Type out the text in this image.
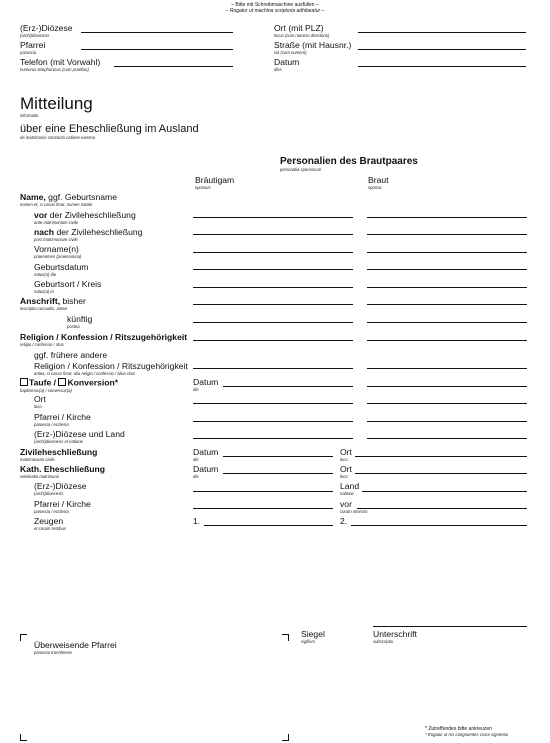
– Bitte mit Schreibmaschine ausfüllen –
– Rogatur ut machina scriptoria adhibeatur –
(Erz-)Diözese
(archi)dioecesis
Ort (mit PLZ)
locus (cum numero directorio)
Pfarrei
paroecia
Straße (mit Hausnr.)
via (cum numero)
Telefon (mit Vorwahl)
numerus telephonicus (cum praefixo)
Datum
dies
Mitteilung
informatio
über eine Eheschließung im Ausland
de matrimonio contracto natione externa
Personalien des Brautpaares
personalia sponsorum
Bräutigam
sponsus
Braut
sponsa
Name, ggf. Geburtsname
nomen et, si casus ferat, nomen natale
vor der Zivileheschließung
ante matrimonium civile
nach der Zivileheschließung
post matrimonium civile
Vorname(n)
praenomen (praenomina)
Geburtsdatum
natus(a) die
Geburtsort / Kreis
natus(a) in
Anschrift, bisher
inscriptio cursualis, antea
künftig
postea
Religion / Konfession / Ritszugehörigkeit
religio / confessio / ritus
ggf. frühere andere
Religion / Konfession / Ritszugehörigkeit
antea, si casus ferat, alia religio / confessio / alius ritus
Taufe / Konversion*
baptismus(a) / conversus(a)
Ort
loco
Pfarrei / Kirche
paroecia / ecclesia
(Erz-)Diözese und Land
(archi)dioecesis et natione
Zivileheschließung
matrimonium civile
Kath. Eheschließung
celebratio matrimonii
(Erz-)Diözese
(archi)dioecesis
Pfarrei / Kirche
paroecia / ecclesia
Zeugen
et coram testibus
Datum
die
Datum
die
Ort
loco
Datum
die
Ort
loco
Land
natione
vor
coram ministro
1.	2.
Überweisende Pfarrei
paroecia transferens
Siegel
sigillum
Unterschrift
subscriptio
* Zutreffendes bitte ankreuzen
* Rogatur ut res congruentes cruce signentur
